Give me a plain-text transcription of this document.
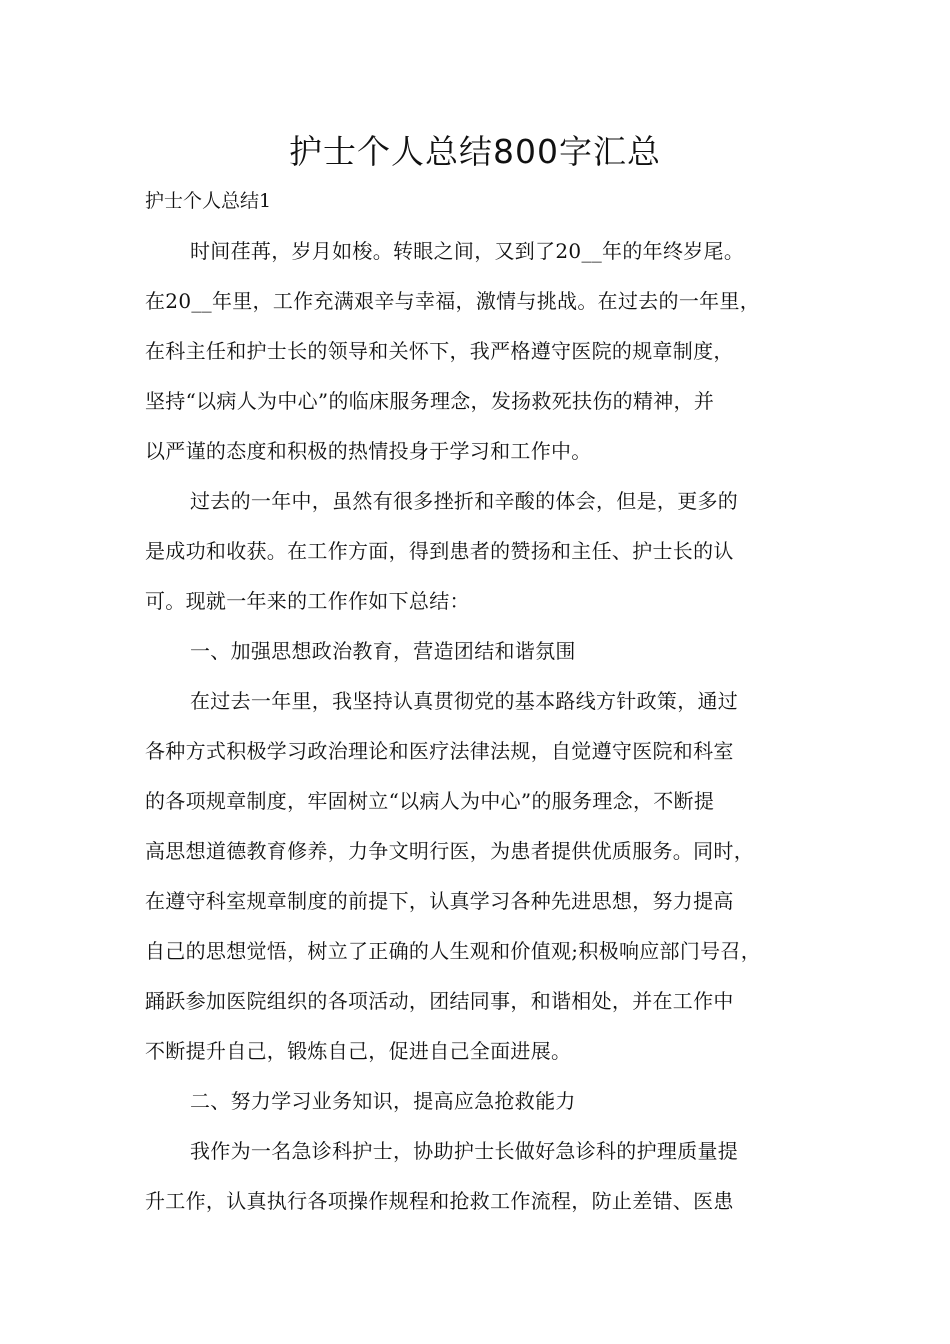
护士个人总结800字汇总
护士个人总结1
时间荏苒，岁月如梭。转眼之间，又到了20__年的年终岁尾。
在20__年里，工作充满艰辛与幸福，激情与挑战。在过去的一年里，
在科主任和护士长的领导和关怀下，我严格遵守医院的规章制度，
坚持“以病人为中心”的临床服务理念，发扬救死扶伤的精神，并
以严谨的态度和积极的热情投身于学习和工作中。
过去的一年中，虽然有很多挫折和辛酸的体会，但是，更多的
是成功和收获。在工作方面，得到患者的赞扬和主任、护士长的认
可。现就一年来的工作作如下总结：
一、加强思想政治教育，营造团结和谐氛围
在过去一年里，我坚持认真贯彻党的基本路线方针政策，通过
各种方式积极学习政治理论和医疗法律法规，自觉遵守医院和科室
的各项规章制度，牢固树立“以病人为中心”的服务理念，不断提
高思想道德教育修养，力争文明行医，为患者提供优质服务。同时，
在遵守科室规章制度的前提下，认真学习各种先进思想，努力提高
自己的思想觉悟，树立了正确的人生观和价值观;积极响应部门号召，
踊跃参加医院组织的各项活动，团结同事，和谐相处，并在工作中
不断提升自己，锻炼自己，促进自己全面进展。
二、努力学习业务知识，提高应急抢救能力
我作为一名急诊科护士，协助护士长做好急诊科的护理质量提
升工作，认真执行各项操作规程和抢救工作流程，防止差错、医患
